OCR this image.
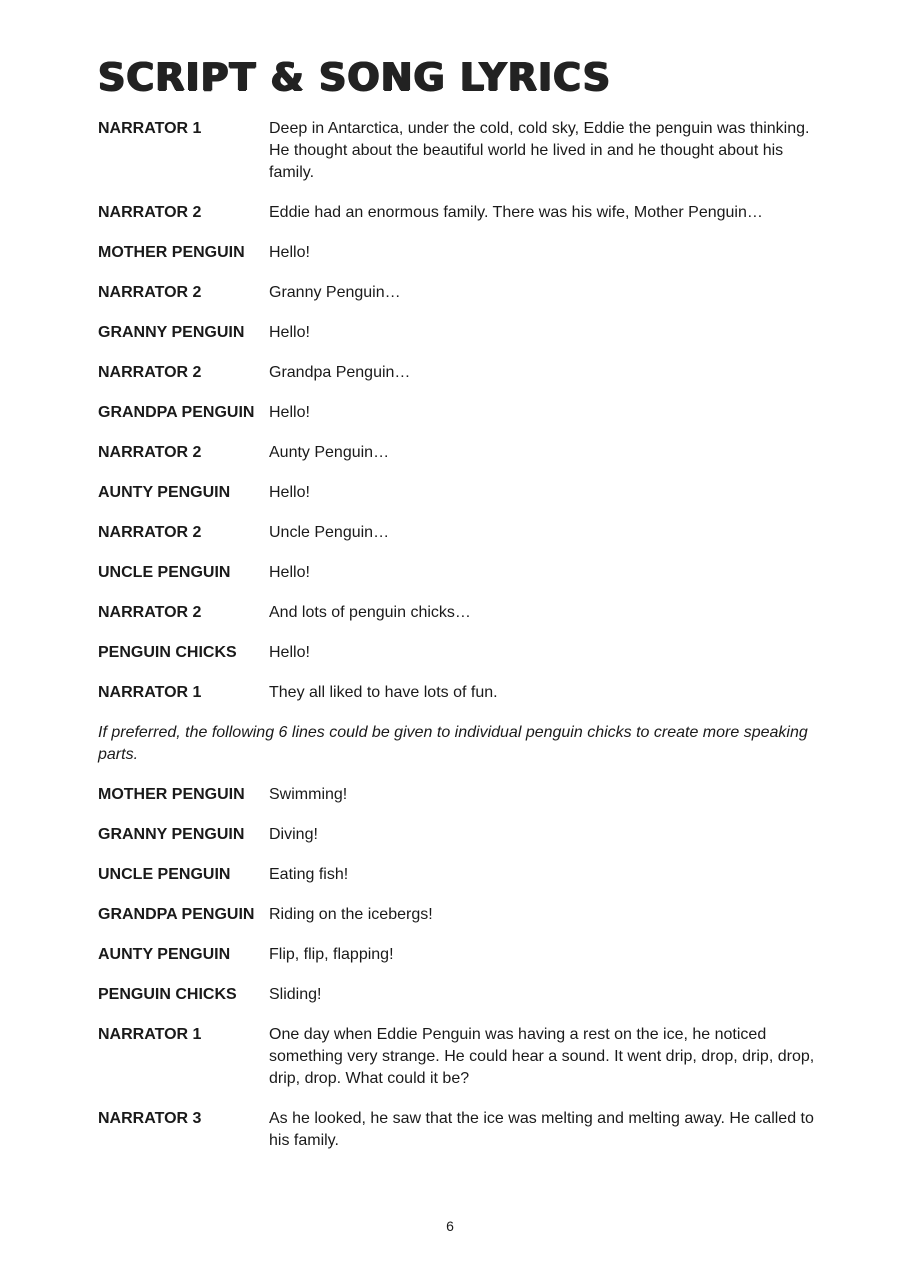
SCRIPT & SONG LYRICS
NARRATOR 1	Deep in Antarctica, under the cold, cold sky, Eddie the penguin was thinking. He thought about the beautiful world he lived in and he thought about his family.
NARRATOR 2	Eddie had an enormous family. There was his wife, Mother Penguin…
MOTHER PENGUIN	Hello!
NARRATOR 2	Granny Penguin…
GRANNY PENGUIN	Hello!
NARRATOR 2	Grandpa Penguin…
GRANDPA PENGUIN Hello!
NARRATOR 2	Aunty Penguin…
AUNTY PENGUIN	Hello!
NARRATOR 2	Uncle Penguin…
UNCLE PENGUIN	Hello!
NARRATOR 2	And lots of penguin chicks…
PENGUIN CHICKS	Hello!
NARRATOR 1	They all liked to have lots of fun.

If preferred, the following 6 lines could be given to individual penguin chicks to create more speaking parts.

MOTHER PENGUIN	Swimming!
GRANNY PENGUIN	Diving!
UNCLE PENGUIN	Eating fish!
GRANDPA PENGUIN Riding on the icebergs!
AUNTY PENGUIN	Flip, flip, flapping!
PENGUIN CHICKS	Sliding!
NARRATOR 1	One day when Eddie Penguin was having a rest on the ice, he noticed something very strange. He could hear a sound. It went drip, drop, drip, drop, drip, drop. What could it be?
NARRATOR 3	As he looked, he saw that the ice was melting and melting away. He called to his family.
6
